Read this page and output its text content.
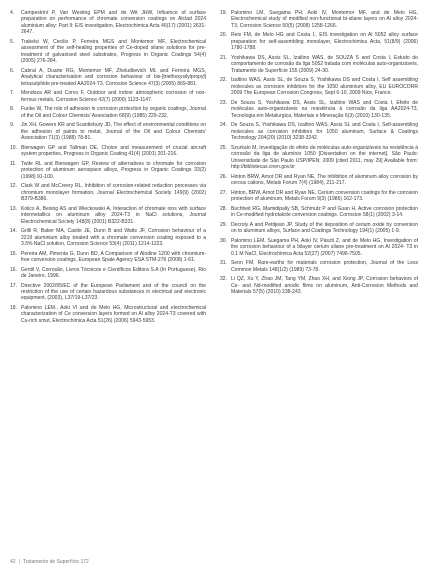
4.	Campestrini P, Van Westing EPM and de Wit JHW, Influence of surface preparation on performance of chromate conversion coatings on Alclad 2024 aluminium alloy: Part II: EIS investigation, Electrochimica Acta 46(17) (2001) 2631-2647.
5.	Trabelsi W, Cecilio P, Ferreira MGS and Montemor MF, Electrochemical assessment of the self-healing properties of Ce-doped silane solutions for pre-treatment of galvanised steel substrates, Progress in Organic Coatings 54(4) (2005) 276-284.
6.	Cabral A, Duarte RG, Montemor MF, Zheludkevich ML and Ferreira MGS, Analytical characterisation and corrosion behaviour of bis-[triethoxysilylpropyl] tetrasulphide pre-treated AA2024-T3, Corrosion Science 47(3) (2005) 869-881.
7.	Mendoza AR and Corvo F, Outdoor and indoor atmospheric corrosion of non-ferrous metals, Corrosion Science 42(7) (2000) 1123-1147.
8.	Funke W, The role of adhesion in corrosion protection by organic coatings, Journal of the Oil and Colour Chemists' Association 68(9) (1985) 229-232.
9.	Jin XH, Gowers KR and Scantlebury JD, The effect of environmental conditions on the adhesion of paints to metal, Journal of the Oil and Colour Chemists' Association 71(3) (1988) 78-81.
10. Bierwagen GP and Tallman DE, Choice and measurement of crucial aircraft system properties, Progress in Organic Coating 41(4) (2001) 201-216.
11. Twite RL and Bierwagen GP, Review of alternatives to chromate for corrosion protection of aluminum aerospace alloys, Progress in Organic Coatings 33(2) (1998) 91-100.
12. Clark W and McCreery RL, Inhibition of corrosion-related reduction processes via chromium monolayer formation, Journal Electrochemical Society 149(9) (2002) B379-B386.
13. Kolics A, Besing AS and Wieckowski A, Interaction of chromate ions with surface intermetallics on aluminum alloy 2024-T3 in NaCl solutions, Journal Electrochemical Society 148(8) (2001) B322-B331.
14. Grilli R, Baker MA, Castle JE, Dunn B and Watts JF, Corrosion behaviour of a 2219 aluminium alloy treated with a chromate conversion coating exposed to a 3.5% NaCl solution, Corrosion Science 53(4) (2011) 1214-1223.
15. Pereira AM, Pimenta G, Dunn BD, A Comparison of Alodine 1200 with chromium-free conversion coatings, European Spate Agency ESA STM-276 (2008) 1-61.
16. Gentil V, Corrosão, Livros Técnicos e Científicos Editora S.A (In Portuguese), Rio de Janeiro, 1996.
17. Directive 2002/95/EC of the European Parliament and of the council on the restriction of the use of certain hazardous substances in electrical and electronic equipment, (2003), L37/19-L37/23.
18. Palomino LEM., Aoki VI and de Melo HG, Microstructural and electrochemical characterization of Ce conversion layers formed on Al alloy 2024-T3 covered with Cu-rich smut, Electrochimica Acta 51(26) (2006) 5943-5953.
19. Palomino LM, Suegama PH, Aoki IV, Montemor MF, and de Melo HG, Electrochemical study of modified non-functional bi-silane layers on Al alloy 2024-T3, Corrosion Science 50(5) (2008) 1258-1266.
20. Reis FM, de Melo HG and Costa I., EIS investigation on Al 5052 alloy surface preparation for self-assembling monolayer, Electrochimica Acta, 51(8/9) (2006) 1780-1788.
21. Yoshikawa DS, Assis SL, Izaltino WAS, de SOUZA S and Costa I, Estudo do comportamento de corrosão da liga 5052 tratada com moléculas auto-organizáveis, Tratamento de Superfície 155 (2009) 24-30.
22. Izaltino WAS, Assis SL, de Souza S, Yoshikawa DS and Costa I, Self assembling molecules as corrosion inhibitors for the 1050 aluminium alloy, EU EUROCORR 2009 The European Corrosion Congress, Sept 6-10, 2009 Nice, France.
23. De Souza S, Yoshikawa DS, Assis SL, Izaltino WAS and Costa I, Efeito de moléculas auto-organizáveis na resistência à corrosão da liga AA2024-T3, Tecnologia em Metalurgica, Materiais e Mineração 6(3) (2010) 130-135.
24. De Souza S, Yoshikawa DS, Izaltino WAS, Assis SL and Costa I, Self-assembling molecules as corrosion inhibitors for 1050 aluminum, Surface & Coatings Technology 204(20) (2010) 3238-3242.
25. Szurkalo M, Investigação do efeito de moléculas auto-organizáveis na resistência à corrosão da liga de alumínio 1050 [Dissertation on the internet]. São Paulo: Universidade de São Paulo USP/IPEN; 2009 [cited 2011, may 29] Available from: http://bibliotecas.cnen.gov.br
26. Hinton BRW, Arnot DR and Ryan NE, The inhibition of aluminum alloy corrosion by cerous cations, Metals Forum 7(4) (1984), 211-217.
27. Hinton, BRW, Arnot DR and Ryan NE, Cerium conversion coatings for the corrosion protection of aluminum, Metals Forum 9(3) (1986) 162-173.
28. Buchheit RG, Mamidipally SB, Schmutz P and Guan H, Active corrosion protection in Ce-modified hydrotalcite conversion coatings. Corrosion 58(1) (2002) 3-14.
29. Decroly A and Petitjean JP, Study of the deposition of cerium oxide by conversion on to aluminum alloys, Surface and Coatings Technology 194(1) (2005) 1-9.
30. Palomino LEM, Suegama PH, Aoki IV, Pászti Z, and de Melo HG, Investigation of the corrosion behaviour of a bilayer cerium silane pre-treatment on Al 2024- T3 in 0.1 M NaCl, Electrochimica Acta 52(27) (2007) 7496-7505.
31. Seon FM, Rare-earths for materials corrosion protection, Journal of the Less Common Metals 148(1/2) (1989) 73-78.
32. Li QZ, Xu Y, Zhao JM, Tang YM, Zhao XH, and Xiong JP, Corrosion behaviors of Ce- and Nd-modified anodic films on aluminum, Anti-Corrosion Methods and Materials 57(5) (2010) 238-243.
42 | Tratamento de Superfície 172
